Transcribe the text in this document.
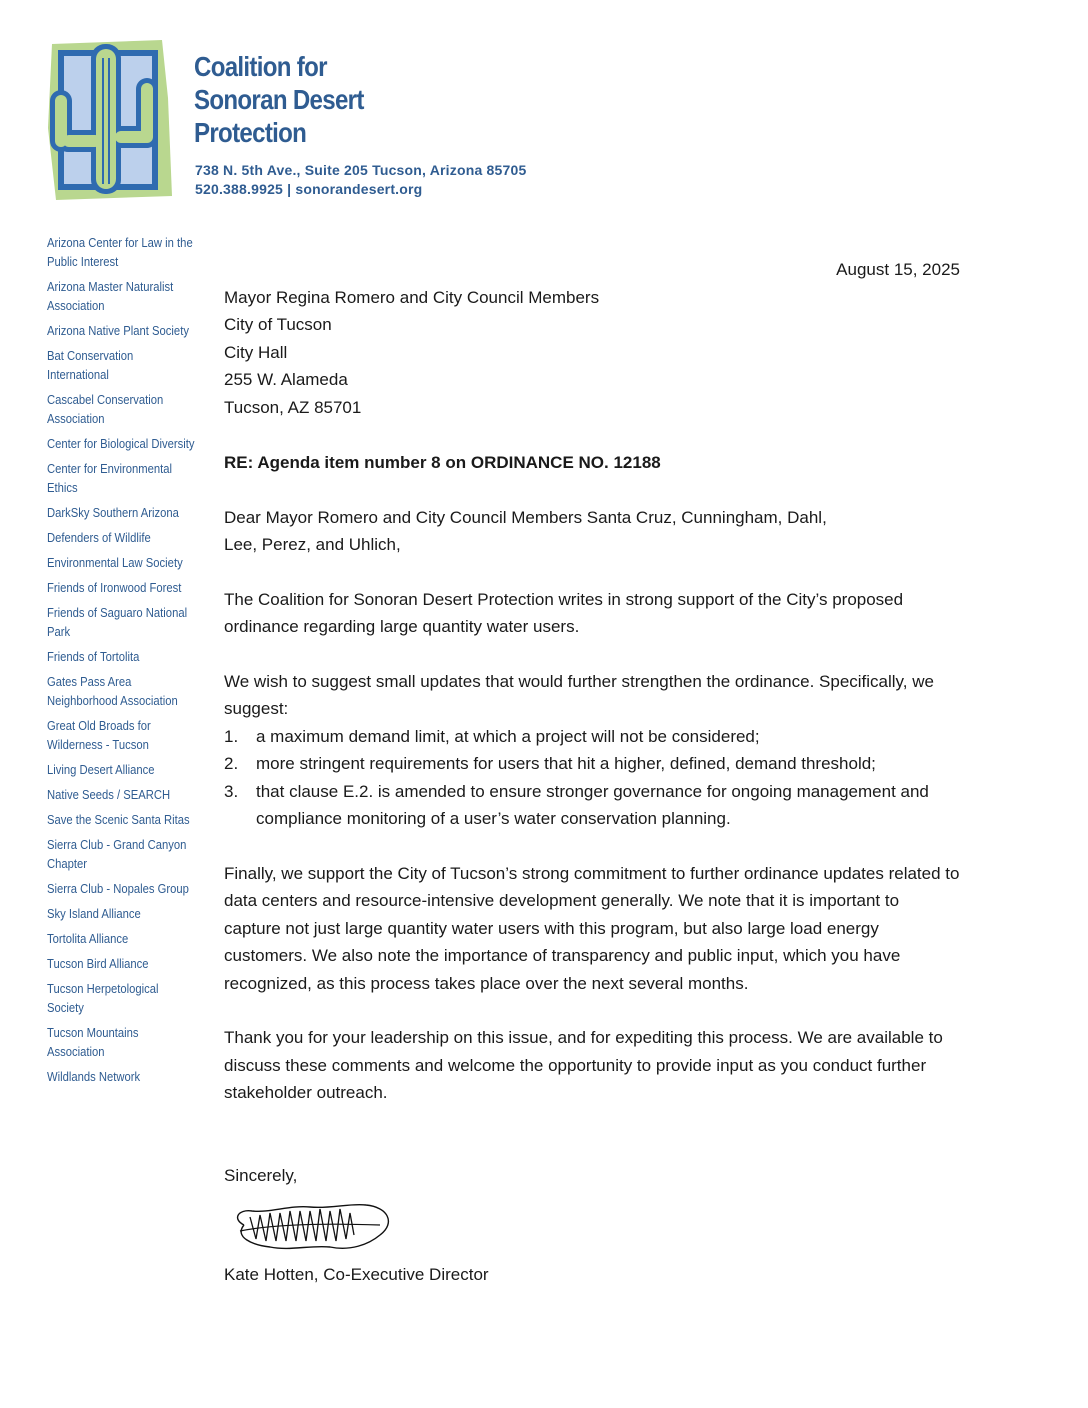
Coalition for
Sonoran Desert
Protection
738 N. 5th Ave., Suite 205 Tucson, Arizona 85705
520.388.9925 | sonorandesert.org
Arizona Center for Law in the Public Interest
Arizona Master Naturalist Association
Arizona Native Plant Society
Bat Conservation International
Cascabel Conservation Association
Center for Biological Diversity
Center for Environmental Ethics
DarkSky Southern Arizona
Defenders of Wildlife
Environmental Law Society
Friends of Ironwood Forest
Friends of Saguaro National Park
Friends of Tortolita
Gates Pass Area Neighborhood Association
Great Old Broads for Wilderness - Tucson
Living Desert Alliance
Native Seeds / SEARCH
Save the Scenic Santa Ritas
Sierra Club - Grand Canyon Chapter
Sierra Club - Nopales Group
Sky Island Alliance
Tortolita Alliance
Tucson Bird Alliance
Tucson Herpetological Society
Tucson Mountains Association
Wildlands Network

August 15, 2025

Mayor Regina Romero and City Council Members
City of Tucson
City Hall
255 W. Alameda
Tucson, AZ 85701

RE: Agenda item number 8 on ORDINANCE NO. 12188

Dear Mayor Romero and City Council Members Santa Cruz, Cunningham, Dahl, Lee, Perez, and Uhlich,

The Coalition for Sonoran Desert Protection writes in strong support of the City’s proposed ordinance regarding large quantity water users.

We wish to suggest small updates that would further strengthen the ordinance. Specifically, we suggest:

1. a maximum demand limit, at which a project will not be considered;
2. more stringent requirements for users that hit a higher, defined, demand threshold;
3. that clause E.2. is amended to ensure stronger governance for ongoing management and compliance monitoring of a user’s water conservation planning.

Finally, we support the City of Tucson’s strong commitment to further ordinance updates related to data centers and resource-intensive development generally. We note that it is important to capture not just large quantity water users with this program, but also large load energy customers. We also note the importance of transparency and public input, which you have recognized, as this process takes place over the next several months.

Thank you for your leadership on this issue, and for expediting this process. We are available to discuss these comments and welcome the opportunity to provide input as you conduct further stakeholder outreach.

Sincerely,

Kate Hotten, Co-Executive Director
